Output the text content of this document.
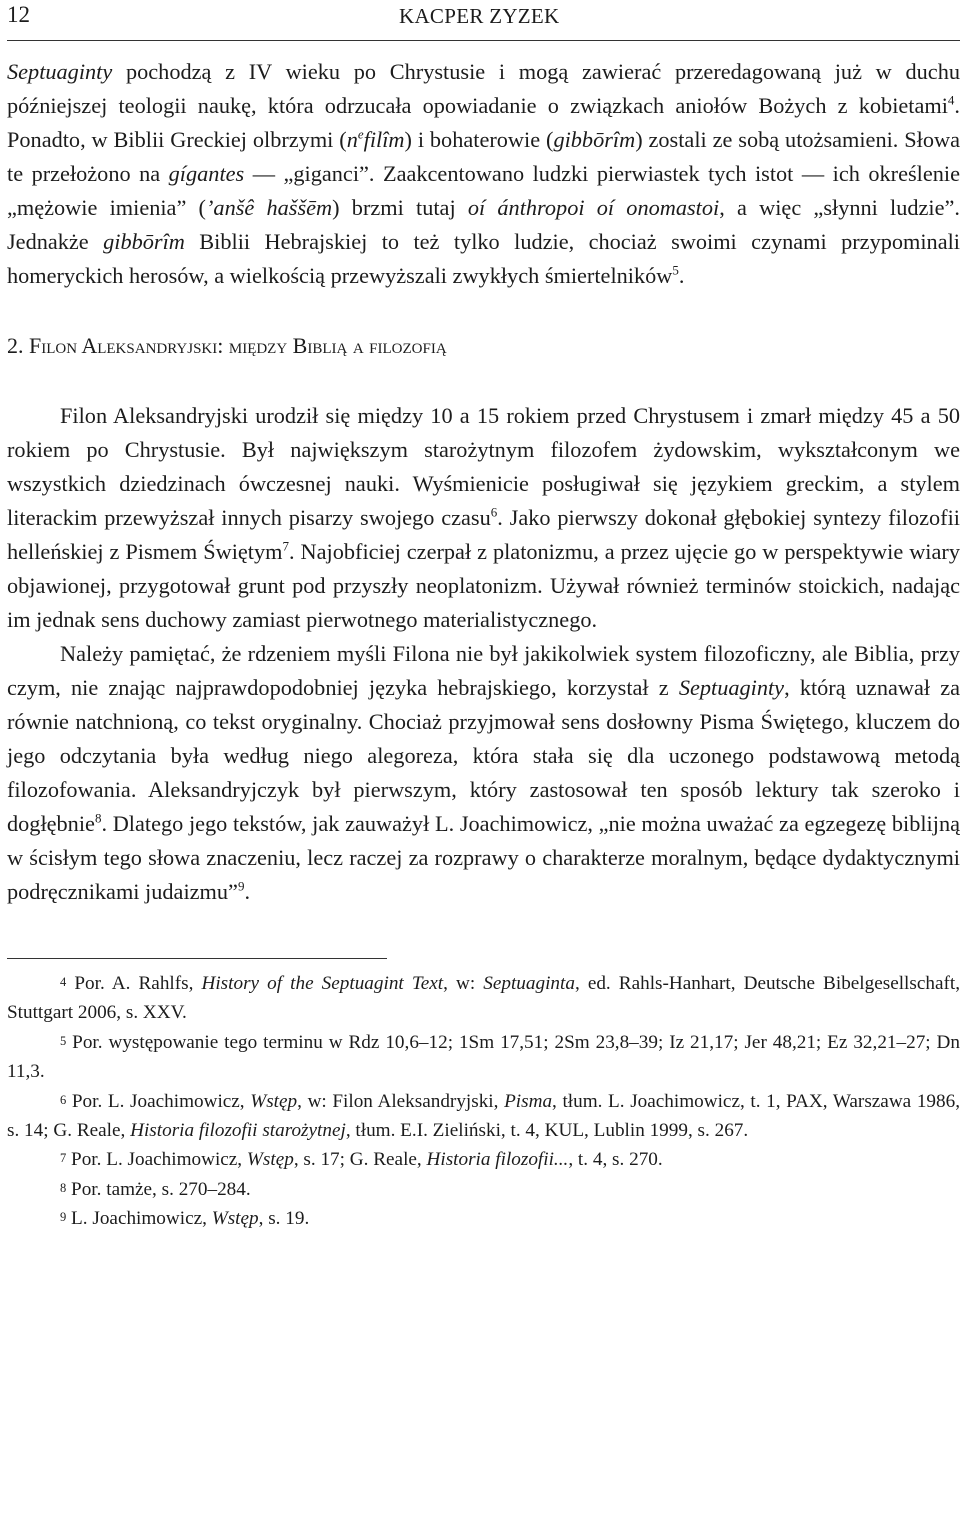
12	KACPER ZYZEK

Septuaginty pochodzą z IV wieku po Chrystusie i mogą zawierać przeredagowaną już w duchu późniejszej teologii naukę, która odrzucała opowiadanie o związkach aniołów Bożych z kobietami$^4$. Ponadto, w Biblii Greckiej olbrzymi $(n^efilîm)$ i bohaterowie (gibbōrîm) zostali ze sobą utożsamieni. Słowa te przełożono na gígantes — „giganci”. Zaakcentowano ludzki pierwiastek tych istot — ich określenie „mężowie imienia” (’anšê haššēm) brzmi tutaj oí ánthropoi oí onomastoi, a więc „słynni ludzie”. Jednakże gibbōrîm Biblii Hebrajskiej to też tylko ludzie, chociaż swoimi czynami przypominali homeryckich herosów, a wielkością przewyższali zwykłych śmiertelników$^5$.

2. Filon Aleksandryjski: między Biblią a filozofią

Filon Aleksandryjski urodził się między 10 a 15 rokiem przed Chrystusem i zmarł między 45 a 50 rokiem po Chrystusie. Był największym starożytnym filozofem żydowskim, wykształconym we wszystkich dziedzinach ówczesnej nauki. Wyśmienicie posługiwał się językiem greckim, a stylem literackim przewyższał innych pisarzy swojego czasu$^6$. Jako pierwszy dokonał głębokiej syntezy filozofii helleńskiej z Pismem Świętym$^7$. Najobficiej czerpał z platonizmu, a przez ujęcie go w perspektywie wiary objawionej, przygotował grunt pod przyszły neoplatonizm. Używał również terminów stoickich, nadając im jednak sens duchowy zamiast pierwotnego materialistycznego.

Należy pamiętać, że rdzeniem myśli Filona nie był jakikolwiek system filozoficzny, ale Biblia, przy czym, nie znając najprawdopodobniej języka hebrajskiego, korzystał z Septuaginty, którą uznawał za równie natchnioną, co tekst oryginalny. Chociaż przyjmował sens dosłowny Pisma Świętego, kluczem do jego odczytania była według niego alegoreza, która stała się dla uczonego podstawową metodą filozofowania. Aleksandryjczyk był pierwszym, który zastosował ten sposób lektury tak szeroko i dogłębnie$^8$. Dlatego jego tekstów, jak zauważył L. Joachimowicz, „nie można uważać za egzegezę biblijną w ścisłym tego słowa znaczeniu, lecz raczej za rozprawy o charakterze moralnym, będące dydaktycznymi podręcznikami judaizmu”$^9$.

$^4$ Por. A. Rahlfs, History of the Septuagint Text, w: Septuaginta, ed. Rahls-Hanhart, Deutsche Bibelgesellschaft, Stuttgart 2006, s. XXV.

$^5$ Por. występowanie tego terminu w Rdz 10,6–12; 1Sm 17,51; 2Sm 23,8–39; Iz 21,17; Jer 48,21; Ez 32,21–27; Dn 11,3.

$^6$ Por. L. Joachimowicz, Wstęp, w: Filon Aleksandryjski, Pisma, tłum. L. Joachimowicz, t. 1, PAX, Warszawa 1986, s. 14; G. Reale, Historia filozofii starożytnej, tłum. E.I. Zieliński, t. 4, KUL, Lublin 1999, s. 267.

$^7$ Por. L. Joachimowicz, Wstęp, s. 17; G. Reale, Historia filozofii..., t. 4, s. 270.

$^8$ Por. tamże, s. 270–284.

$^9$ L. Joachimowicz, Wstęp, s. 19.
